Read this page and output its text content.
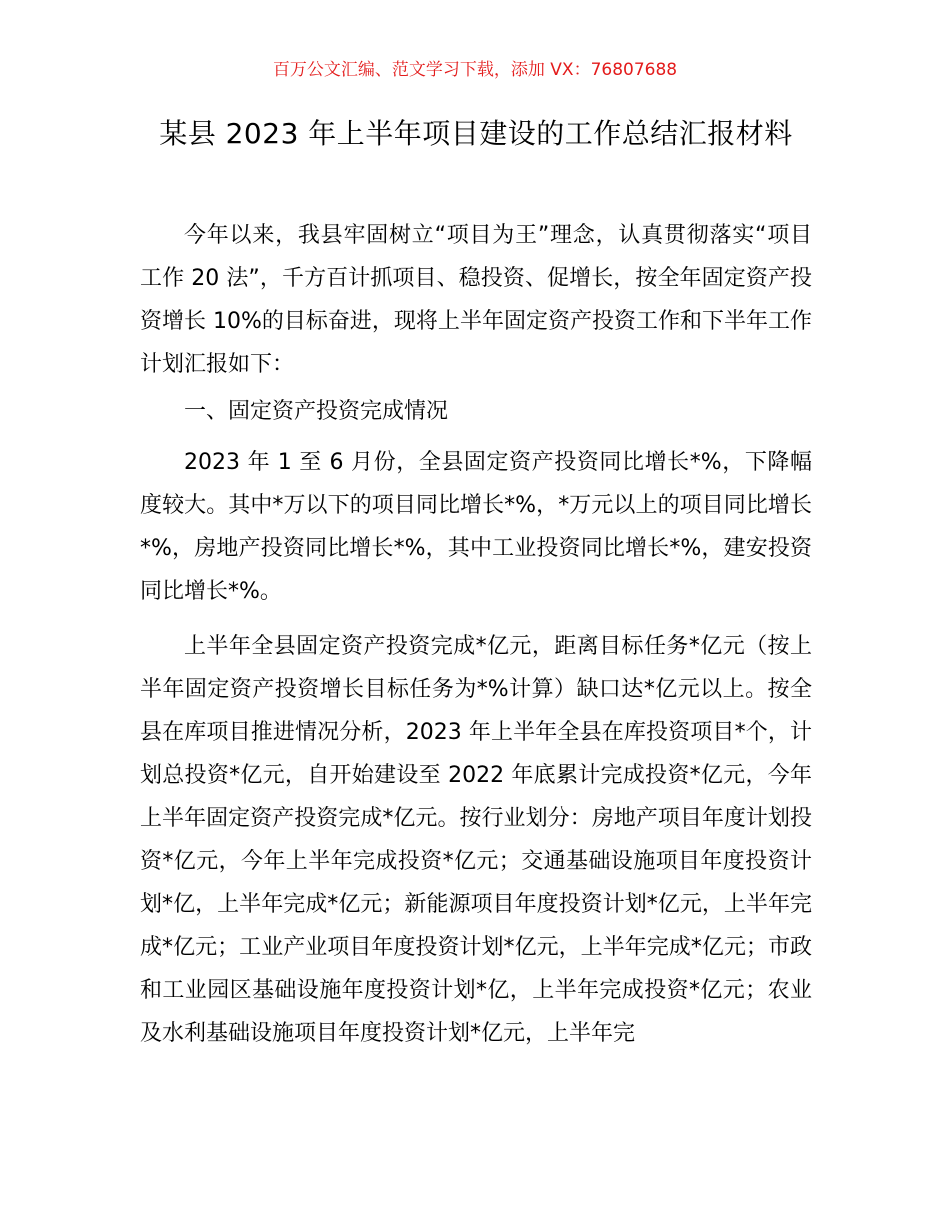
百万公文汇编、范文学习下载，添加 VX：76807688
某县 2023 年上半年项目建设的工作总结汇报材料

今年以来，我县牢固树立“项目为王”理念，认真贯彻落实“项目工作 20 法”，千方百计抓项目、稳投资、促增长，按全年固定资产投资增长 10%的目标奋进，现将上半年固定资产投资工作和下半年工作计划汇报如下：

一、固定资产投资完成情况

2023 年 1 至 6 月份，全县固定资产投资同比增长*%，下降幅度较大。其中*万以下的项目同比增长*%，*万元以上的项目同比增长*%，房地产投资同比增长*%，其中工业投资同比增长*%，建安投资同比增长*%。

上半年全县固定资产投资完成*亿元，距离目标任务*亿元（按上半年固定资产投资增长目标任务为*%计算）缺口达*亿元以上。按全县在库项目推进情况分析，2023 年上半年全县在库投资项目*个，计划总投资*亿元，自开始建设至 2022 年底累计完成投资*亿元，今年上半年固定资产投资完成*亿元。按行业划分：房地产项目年度计划投资*亿元，今年上半年完成投资*亿元；交通基础设施项目年度投资计划*亿，上半年完成*亿元；新能源项目年度投资计划*亿元，上半年完成*亿元；工业产业项目年度投资计划*亿元，上半年完成*亿元；市政和工业园区基础设施年度投资计划*亿，上半年完成投资*亿元；农业及水利基础设施项目年度投资计划*亿元，上半年完
